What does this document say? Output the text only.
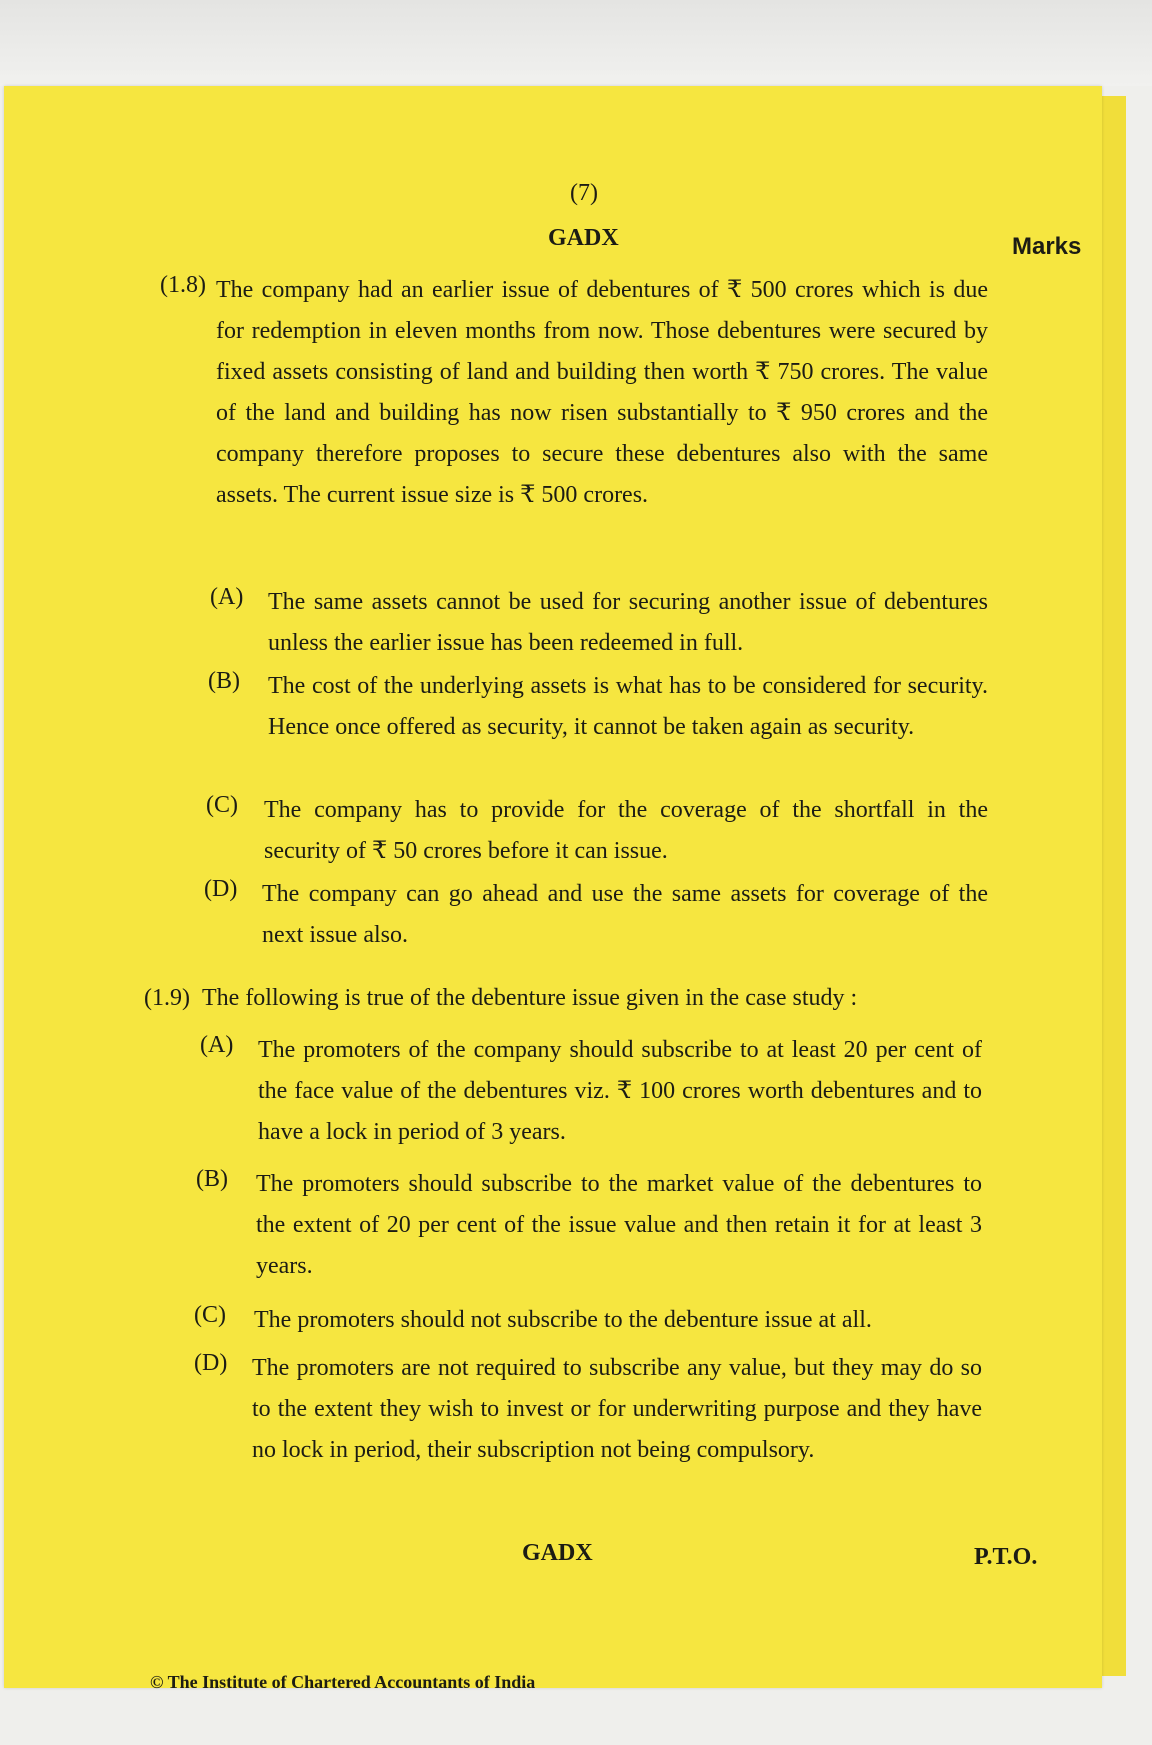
(7)
GADX	Marks
(1.8) The company had an earlier issue of debentures of ₹ 500 crores which is due for redemption in eleven months from now. Those debentures were secured by fixed assets consisting of land and building then worth ₹ 750 crores. The value of the land and building has now risen substantially to ₹ 950 crores and the company therefore proposes to secure these debentures also with the same assets. The current issue size is ₹ 500 crores.
(A) The same assets cannot be used for securing another issue of debentures unless the earlier issue has been redeemed in full.
(B) The cost of the underlying assets is what has to be considered for security. Hence once offered as security, it cannot be taken again as security.
(C) The company has to provide for the coverage of the shortfall in the security of ₹ 50 crores before it can issue.
(D) The company can go ahead and use the same assets for coverage of the next issue also.
(1.9) The following is true of the debenture issue given in the case study :
(A) The promoters of the company should subscribe to at least 20 per cent of the face value of the debentures viz. ₹ 100 crores worth debentures and to have a lock in period of 3 years.
(B) The promoters should subscribe to the market value of the debentures to the extent of 20 per cent of the issue value and then retain it for at least 3 years.
(C) The promoters should not subscribe to the debenture issue at all.
(D) The promoters are not required to subscribe any value, but they may do so to the extent they wish to invest or for underwriting purpose and they have no lock in period, their subscription not being compulsory.
GADX	P.T.O.
© The Institute of Chartered Accountants of India
